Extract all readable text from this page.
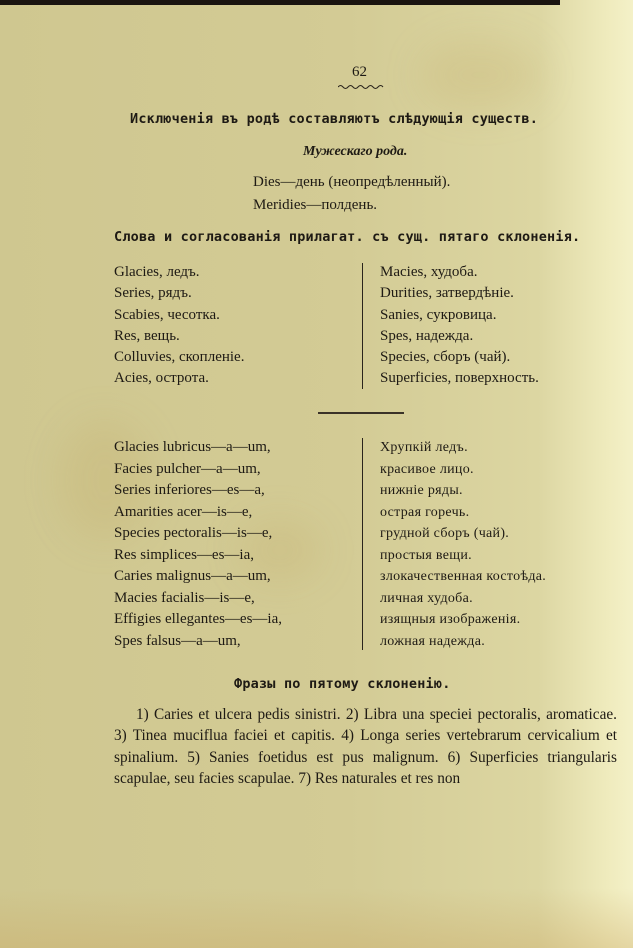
62
Исключенія въ родѣ составляютъ слѣдующія существ.
Мужескаго рода.
Dies—день (неопредѣленный).
Meridies—полдень.
Слова и согласованія прилагат. съ сущ. пятаго склоненія.
Glacies, ледъ.
Series, рядъ.
Scabies, чесотка.
Res, вещь.
Colluvies, скопленіе.
Acies, острота.
Macies, худоба.
Durities, затвердѣніе.
Sanies, сукровица.
Spes, надежда.
Species, сборъ (чай).
Superficies, поверхность.
Glacies lubricus—a—um,
Facies pulcher—a—um,
Series inferiores—es—a,
Amarities acer—is—e,
Species pectoralis—is—e,
Res simplices—es—ia,
Caries malignus—a—um,
Macies facialis—is—e,
Effigies ellegantes—es—ia,
Spes falsus—a—um,
Хрупкій ледъ.
красивое лицо.
нижніе ряды.
острая горечь.
грудной сборъ (чай).
простыя вещи.
злокачественная костоѣда.
личная худоба.
изящныя изображенія.
ложная надежда.
Фразы по пятому склоненію.
1) Caries et ulcera pedis sinistri. 2) Libra una speciei pectoralis, aromaticae. 3) Tinea muciflua faciei et capitis. 4) Longa series vertebrarum cervicalium et spinalium. 5) Sanies foetidus est pus malignum. 6) Superficies triangularis scapulae, seu facies scapulae. 7) Res naturales et res non
